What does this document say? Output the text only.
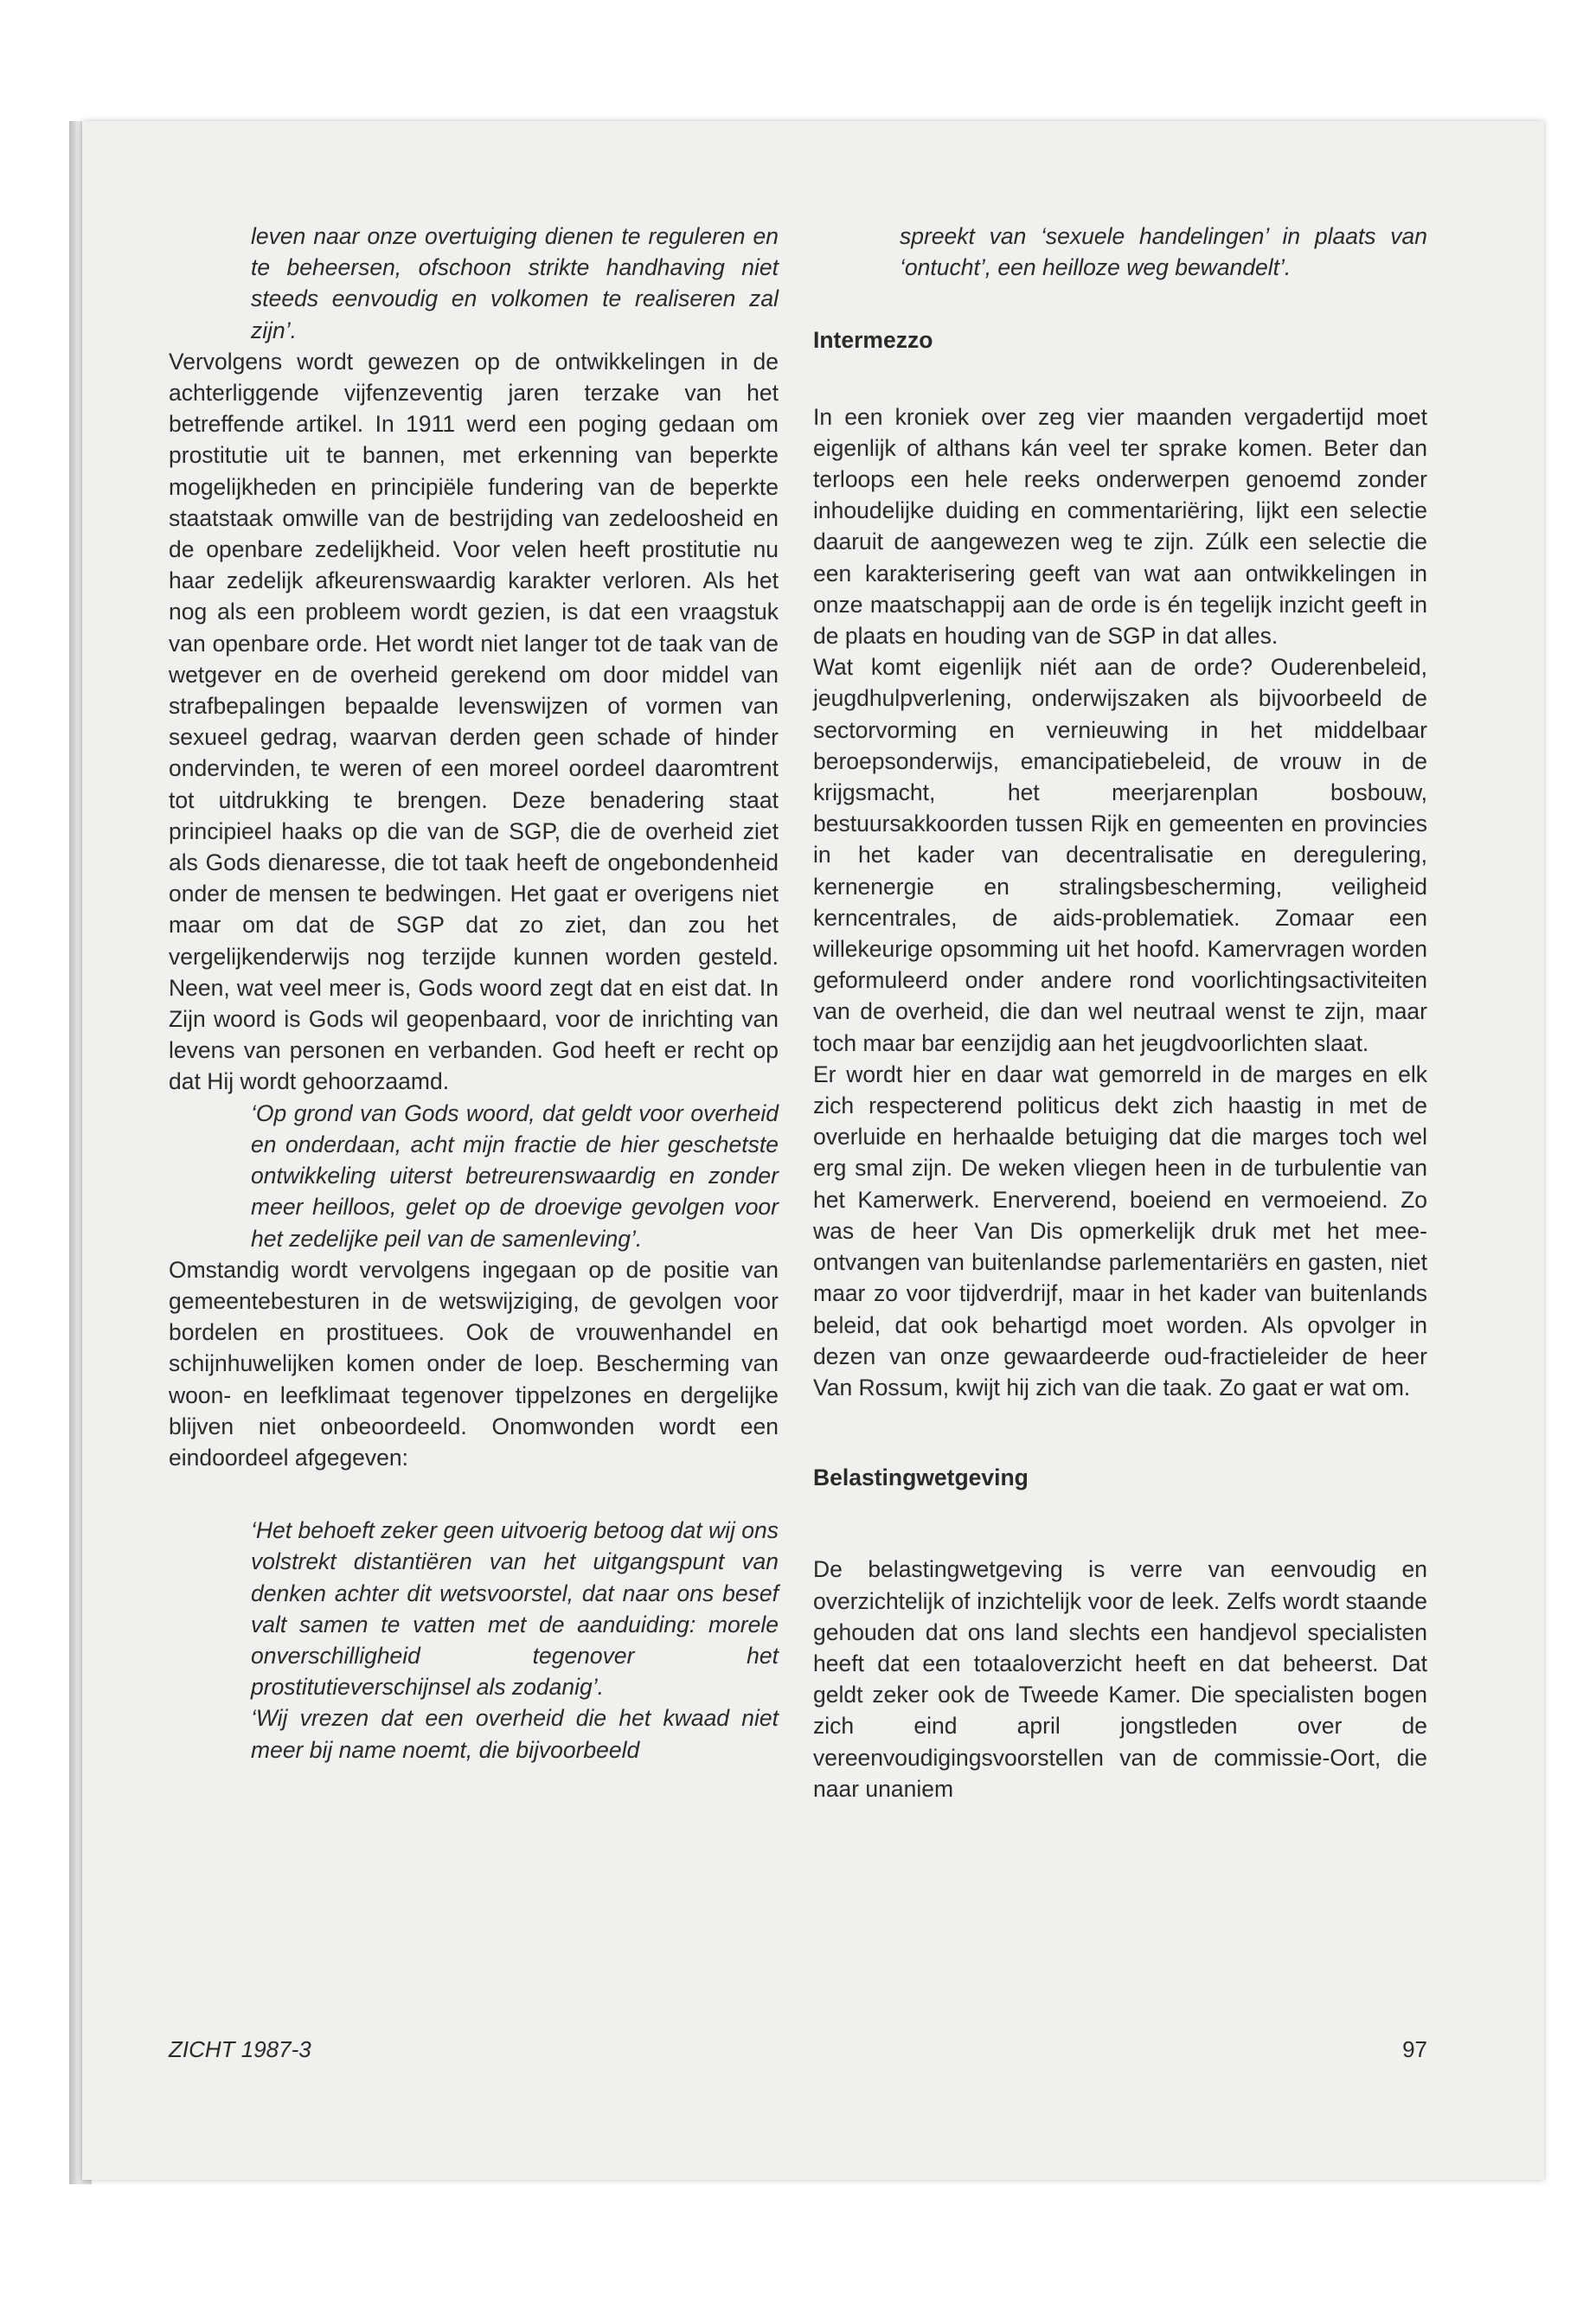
leven naar onze overtuiging dienen te reguleren en te beheersen, ofschoon strikte handhaving niet steeds eenvoudig en volkomen te realiseren zal zijn’.

Vervolgens wordt gewezen op de ontwikkelingen in de achterliggende vijfenzeventig jaren terzake van het betreffende artikel. In 1911 werd een poging gedaan om prostitutie uit te bannen, met erkenning van beperkte mogelijkheden en principiële fundering van de beperkte staatstaak omwille van de bestrijding van zedeloosheid en de openbare zedelijkheid. Voor velen heeft prostitutie nu haar zedelijk afkeurenswaardig karakter verloren. Als het nog als een probleem wordt gezien, is dat een vraagstuk van openbare orde. Het wordt niet langer tot de taak van de wetgever en de overheid gerekend om door middel van strafbepalingen bepaalde levenswijzen of vormen van sexueel gedrag, waarvan derden geen schade of hinder ondervinden, te weren of een moreel oordeel daaromtrent tot uitdrukking te brengen. Deze benadering staat principieel haaks op die van de SGP, die de overheid ziet als Gods dienaresse, die tot taak heeft de ongebondenheid onder de mensen te bedwingen. Het gaat er overigens niet maar om dat de SGP dat zo ziet, dan zou het vergelijkenderwijs nog terzijde kunnen worden gesteld. Neen, wat veel meer is, Gods woord zegt dat en eist dat. In Zijn woord is Gods wil geopenbaard, voor de inrichting van levens van personen en verbanden. God heeft er recht op dat Hij wordt gehoorzaamd.

‘Op grond van Gods woord, dat geldt voor overheid en onderdaan, acht mijn fractie de hier geschetste ontwikkeling uiterst betreurenswaardig en zonder meer heilloos, gelet op de droevige gevolgen voor het zedelijke peil van de samenleving’.

Omstandig wordt vervolgens ingegaan op de positie van gemeentebesturen in de wetswijziging, de gevolgen voor bordelen en prostituees. Ook de vrouwenhandel en schijnhuwelijken komen onder de loep. Bescherming van woon- en leefklimaat tegenover tippelzones en dergelijke blijven niet onbeoordeeld. Onomwonden wordt een eindoordeel afgegeven:

‘Het behoeft zeker geen uitvoerig betoog dat wij ons volstrekt distantiëren van het uitgangspunt van denken achter dit wetsvoorstel, dat naar ons besef valt samen te vatten met de aanduiding: morele onverschilligheid tegenover het prostitutieverschijnsel als zodanig’.

‘Wij vrezen dat een overheid die het kwaad niet meer bij name noemt, die bijvoorbeeld

spreekt van ‘sexuele handelingen’ in plaats van ‘ontucht’, een heilloze weg bewandelt’.

Intermezzo

In een kroniek over zeg vier maanden vergadertijd moet eigenlijk of althans kán veel ter sprake komen. Beter dan terloops een hele reeks onderwerpen genoemd zonder inhoudelijke duiding en commentariëring, lijkt een selectie daaruit de aangewezen weg te zijn. Zúlk een selectie die een karakterisering geeft van wat aan ontwikkelingen in onze maatschappij aan de orde is én tegelijk inzicht geeft in de plaats en houding van de SGP in dat alles.

Wat komt eigenlijk niét aan de orde? Ouderenbeleid, jeugdhulpverlening, onderwijszaken als bijvoorbeeld de sectorvorming en vernieuwing in het middelbaar beroepsonderwijs, emancipatiebeleid, de vrouw in de krijgsmacht, het meerjarenplan bosbouw, bestuursakkoorden tussen Rijk en gemeenten en provincies in het kader van decentralisatie en deregulering, kernenergie en stralingsbescherming, veiligheid kerncentrales, de aids-problematiek. Zomaar een willekeurige opsomming uit het hoofd. Kamervragen worden geformuleerd onder andere rond voorlichtingsactiviteiten van de overheid, die dan wel neutraal wenst te zijn, maar toch maar bar eenzijdig aan het jeugdvoorlichten slaat.

Er wordt hier en daar wat gemorreld in de marges en elk zich respecterend politicus dekt zich haastig in met de overluide en herhaalde betuiging dat die marges toch wel erg smal zijn. De weken vliegen heen in de turbulentie van het Kamerwerk. Enerverend, boeiend en vermoeiend. Zo was de heer Van Dis opmerkelijk druk met het mee-ontvangen van buitenlandse parlementariërs en gasten, niet maar zo voor tijdverdrijf, maar in het kader van buitenlands beleid, dat ook behartigd moet worden. Als opvolger in dezen van onze gewaardeerde oud-fractieleider de heer Van Rossum, kwijt hij zich van die taak. Zo gaat er wat om.

Belastingwetgeving

De belastingwetgeving is verre van eenvoudig en overzichtelijk of inzichtelijk voor de leek. Zelfs wordt staande gehouden dat ons land slechts een handjevol specialisten heeft dat een totaaloverzicht heeft en dat beheerst. Dat geldt zeker ook de Tweede Kamer. Die specialisten bogen zich eind april jongstleden over de vereenvoudigingsvoorstellen van de commissie-Oort, die naar unaniem

ZICHT 1987-3	97
